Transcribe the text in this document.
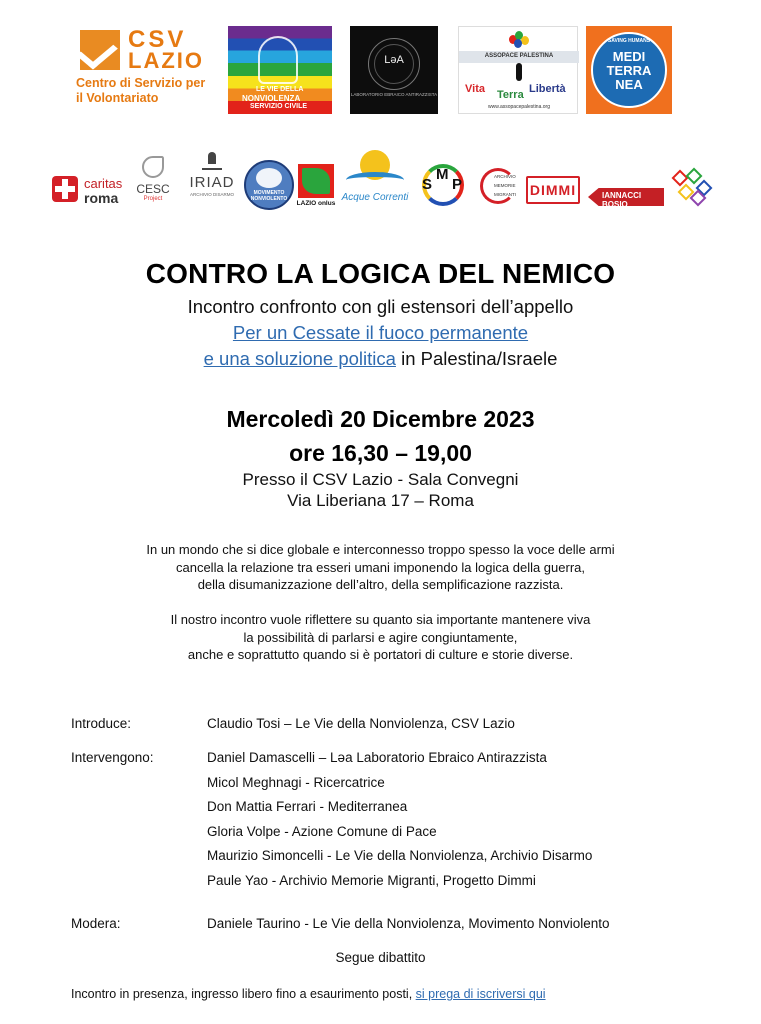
CSV
LAZIO
Centro di Servizio per il Volontariato
LE VIE DELLA
NONVIOLENZA
SERVIZIO CIVILE
LəA
LABORATORIO EBRAICO ANTIRAZZISTA
ASSOPACE PALESTINA
Vita Terra Libertà
www.assopacepalestina.org
SAVING HUMANS
MEDI
TERRA
NEA
caritas
roma
CESC
Project
IRIAD
ARCHIVIO DISARMO	MOVIMENTO NONVIOLENTO
LAZIO onlus
Acque Correnti
S
M
P	ARCHIVIO MEMORIE MIGRANTI DIMMI	IANNACCI BOSIO
CONTRO LA LOGICA DEL NEMICO
Incontro confronto con gli estensori dell’appello
Per un Cessate il fuoco permanente
e una soluzione politica in Palestina/Israele
Mercoledì 20 Dicembre 2023
ore 16,30 – 19,00
Presso il CSV Lazio - Sala Convegni
Via Liberiana 17 – Roma
In un mondo che si dice globale e interconnesso troppo spesso la voce delle armi
cancella la relazione tra esseri umani imponendo la logica della guerra,
della disumanizzazione dell’altro, della semplificazione razzista.
Il nostro incontro vuole riflettere su quanto sia importante mantenere viva
la possibilità di parlarsi e agire congiuntamente,
anche e soprattutto quando si è portatori di culture e storie diverse.
Introduce:	Claudio Tosi – Le Vie della Nonviolenza, CSV Lazio
Intervengono:	Daniel Damascelli – Lǝa Laboratorio Ebraico Antirazzista
Micol Meghnagi - Ricercatrice
Don Mattia Ferrari - Mediterranea
Gloria Volpe - Azione Comune di Pace
Maurizio Simoncelli - Le Vie della Nonviolenza, Archivio Disarmo
Paule Yao - Archivio Memorie Migranti, Progetto Dimmi
Modera:	Daniele Taurino - Le Vie della Nonviolenza, Movimento Nonviolento
Segue dibattito
Incontro in presenza, ingresso libero fino a esaurimento posti, si prega di iscriversi qui
